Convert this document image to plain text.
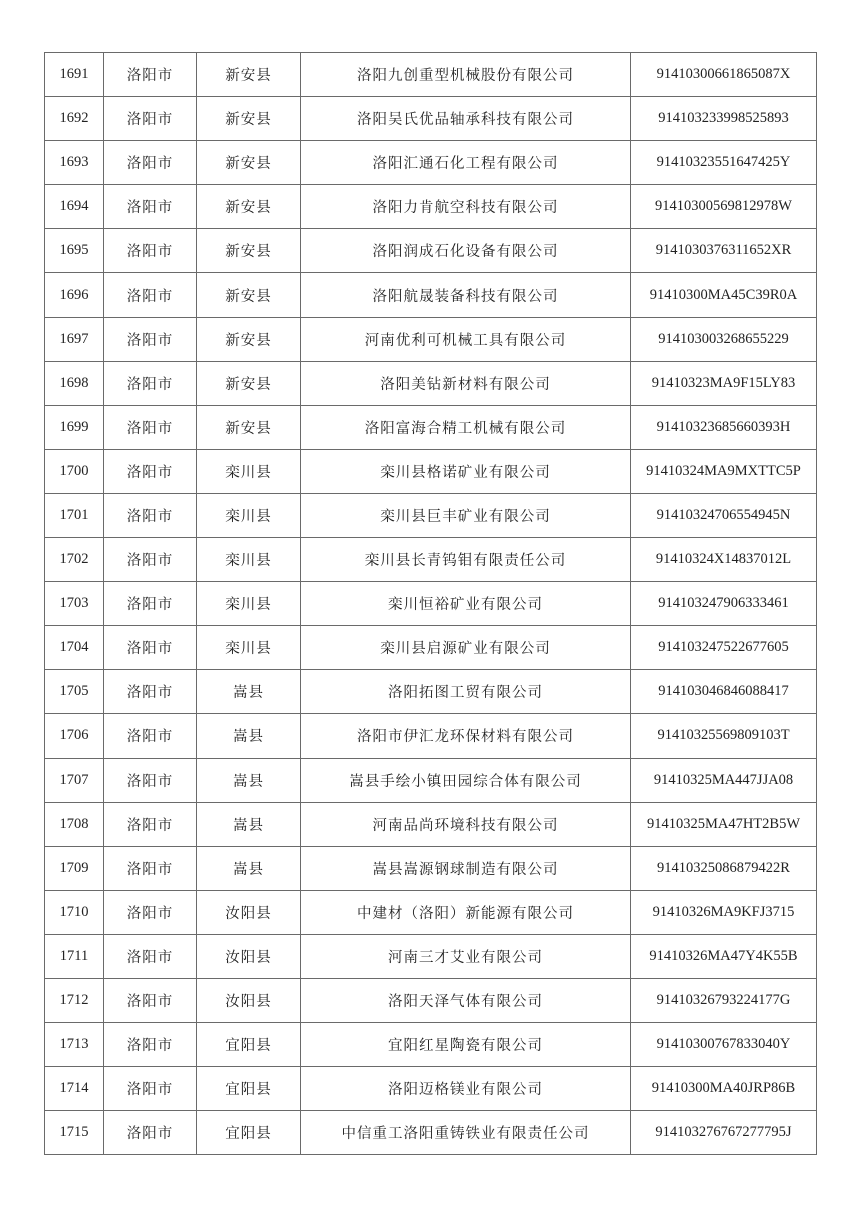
1691	洛阳市	新安县	洛阳九创重型机械股份有限公司	91410300661865087X
1692	洛阳市	新安县	洛阳吴氏优品轴承科技有限公司	914103233998525893
1693	洛阳市	新安县	洛阳汇通石化工程有限公司	91410323551647425Y
1694	洛阳市	新安县	洛阳力肯航空科技有限公司	91410300569812978W
1695	洛阳市	新安县	洛阳润成石化设备有限公司	9141030376311652XR
1696	洛阳市	新安县	洛阳航晟装备科技有限公司	91410300MA45C39R0A
1697	洛阳市	新安县	河南优利可机械工具有限公司	914103003268655229
1698	洛阳市	新安县	洛阳美钻新材料有限公司	91410323MA9F15LY83
1699	洛阳市	新安县	洛阳富海合精工机械有限公司	91410323685660393H
1700	洛阳市	栾川县	栾川县格诺矿业有限公司	91410324MA9MXTTC5P
1701	洛阳市	栾川县	栾川县巨丰矿业有限公司	91410324706554945N
1702	洛阳市	栾川县	栾川县长青钨钼有限责任公司	91410324X14837012L
1703	洛阳市	栾川县	栾川恒裕矿业有限公司	914103247906333461
1704	洛阳市	栾川县	栾川县启源矿业有限公司	914103247522677605
1705	洛阳市	嵩县	洛阳拓图工贸有限公司	914103046846088417
1706	洛阳市	嵩县	洛阳市伊汇龙环保材料有限公司	91410325569809103T
1707	洛阳市	嵩县	嵩县手绘小镇田园综合体有限公司	91410325MA447JJA08
1708	洛阳市	嵩县	河南品尚环境科技有限公司	91410325MA47HT2B5W
1709	洛阳市	嵩县	嵩县嵩源钢球制造有限公司	91410325086879422R
1710	洛阳市	汝阳县	中建材（洛阳）新能源有限公司	91410326MA9KFJ3715
1711	洛阳市	汝阳县	河南三才艾业有限公司	91410326MA47Y4K55B
1712	洛阳市	汝阳县	洛阳天泽气体有限公司	91410326793224177G
1713	洛阳市	宜阳县	宜阳红星陶瓷有限公司	91410300767833040Y
1714	洛阳市	宜阳县	洛阳迈格镁业有限公司	91410300MA40JRP86B
1715	洛阳市	宜阳县	中信重工洛阳重铸铁业有限责任公司	914103276767277795J
